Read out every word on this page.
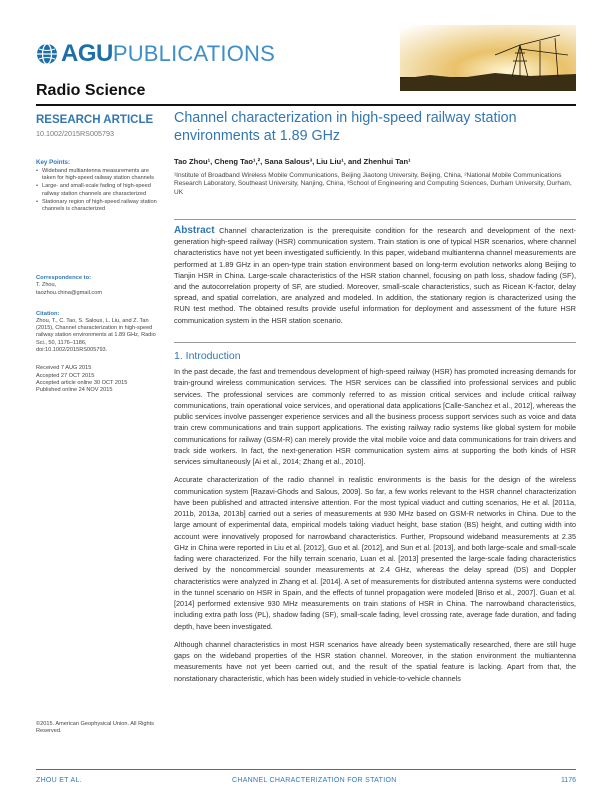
AGU PUBLICATIONS
Radio Science
RESEARCH ARTICLE
10.1002/2015RS005793
Key Points:
• Wideband multiantenna measurements are taken for high-speed railway station channels
• Large- and small-scale fading of high-speed railway station channels are characterized
• Stationary region of high-speed railway station channels is characterized
Correspondence to:
T. Zhou,
taozhou.china@gmail.com
Citation:
Zhou, T., C. Tao, S. Salous, L. Liu, and Z. Tan (2015), Channel characterization in high-speed railway station environments at 1.89 GHz, Radio Sci., 50, 1176–1186, doi:10.1002/2015RS005793.
Received 7 AUG 2015
Accepted 27 OCT 2015
Accepted article online 30 OCT 2015
Published online 24 NOV 2015
©2015. American Geophysical Union. All Rights Reserved.
Channel characterization in high-speed railway station environments at 1.89 GHz
Tao Zhou¹, Cheng Tao¹,², Sana Salous³, Liu Liu¹, and Zhenhui Tan¹
¹Institute of Broadband Wireless Mobile Communications, Beijing Jiaotong University, Beijing, China, ²National Mobile Communications Research Laboratory, Southeast University, Nanjing, China, ³School of Engineering and Computing Sciences, Durham University, Durham, UK
Abstract Channel characterization is the prerequisite condition for the research and development of the next-generation high-speed railway (HSR) communication system. Train station is one of typical HSR scenarios, where channel characteristics have not yet been investigated sufficiently. In this paper, wideband multiantenna channel measurements are performed at 1.89 GHz in an open-type train station environment based on long-term evolution networks along Beijing to Tianjin HSR in China. Large-scale characteristics of the HSR station channel, focusing on path loss, shadow fading (SF), and the autocorrelation property of SF, are studied. Moreover, small-scale characteristics, such as Ricean K-factor, delay spread, and spatial correlation, are analyzed and modeled. In addition, the stationary region is characterized using the RUN test method. The obtained results provide useful information for deployment and assessment of the future HSR communication system in the HSR station scenario.
1. Introduction

In the past decade, the fast and tremendous development of high-speed railway (HSR) has promoted increasing demands for train-ground wireless communication services. The HSR services can be classified into professional services and public services. The professional services are commonly referred to as mission critical services and include critical railway communications, train operational voice services, and operational data applications [Calle-Sanchez et al., 2012], whereas the public services involve passenger experience services and all the business process support services such as voice and data train crew communications and train support applications. The existing railway radio systems like global system for mobile communications for railway (GSM-R) can merely provide the vital mobile voice and data communications for train drivers and track side workers. In fact, the next-generation HSR communication system aims at supporting the both kinds of HSR services simultaneously [Ai et al., 2014; Zhang et al., 2010].

Accurate characterization of the radio channel in realistic environments is the basis for the design of the wireless communication system [Razavi-Ghods and Salous, 2009]. So far, a few works relevant to the HSR channel characterization have been published and attracted intensive attention. For the most typical viaduct and cutting scenarios, He et al. [2011a, 2011b, 2013a, 2013b] carried out a series of measurements at 930 MHz based on GSM-R networks in China. Due to the large amount of experimental data, empirical models taking viaduct height, base station (BS) height, and cutting width into account were innovatively proposed for narrowband characteristics. Further, Propsound wideband measurements at 2.35 GHz in China were reported in Liu et al. [2012], Guo et al. [2012], and Sun et al. [2013], and both large-scale and small-scale fading were characterized. For the hilly terrain scenario, Luan et al. [2013] presented the large-scale fading characteristics derived by the noncommercial sounder measurements at 2.4 GHz, whereas the delay spread (DS) and Doppler characteristics were analyzed in Zhang et al. [2014]. A set of measurements for distributed antenna systems were conducted in the tunnel scenario on HSR in Spain, and the effects of tunnel propagation were modeled [Briso et al., 2007]. Guan et al. [2014] performed extensive 930 MHz measurements on train stations of HSR in China. The narrowband characteristics, including extra path loss (PL), shadow fading (SF), small-scale fading, level crossing rate, average fade duration, and fading depth, have been investigated.

Although channel characteristics in most HSR scenarios have already been systematically researched, there are still huge gaps on the wideband properties of the HSR station channel. Moreover, in the station environment the multiantenna measurements have not yet been carried out, and the result of the spatial feature is lacking. Apart from that, the nonstationary characteristic, which has been widely studied in vehicle-to-vehicle channels

ZHOU ET AL.	CHANNEL CHARACTERIZATION FOR STATION	1176
